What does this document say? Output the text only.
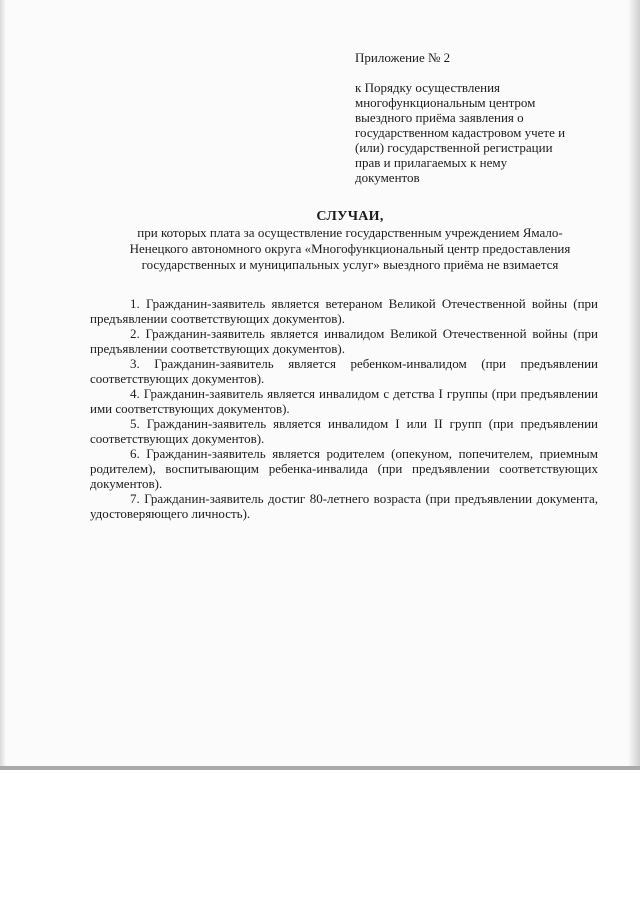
Приложение № 2

к Порядку осуществления
многофункциональным центром
выездного приёма заявления о
государственном кадастровом учете и
(или) государственной регистрации
прав и прилагаемых к нему
документов

СЛУЧАИ,

при которых плата за осуществление государственным учреждением Ямало-
Ненецкого автономного округа «Многофункциональный центр предоставления
государственных и муниципальных услуг» выездного приёма не взимается

1. Гражданин-заявитель является ветераном Великой Отечественной войны (при предъявлении соответствующих документов).

2. Гражданин-заявитель является инвалидом Великой Отечественной войны (при предъявлении соответствующих документов).

3. Гражданин-заявитель является ребенком-инвалидом (при предъявлении соответствующих документов).

4. Гражданин-заявитель является инвалидом с детства I группы (при предъявлении ими соответствующих документов).

5. Гражданин-заявитель является инвалидом I или II групп (при предъявлении соответствующих документов).

6. Гражданин-заявитель является родителем (опекуном, попечителем, приемным родителем), воспитывающим ребенка-инвалида (при предъявлении соответствующих документов).

7. Гражданин-заявитель достиг 80-летнего возраста (при предъявлении документа, удостоверяющего личность).
